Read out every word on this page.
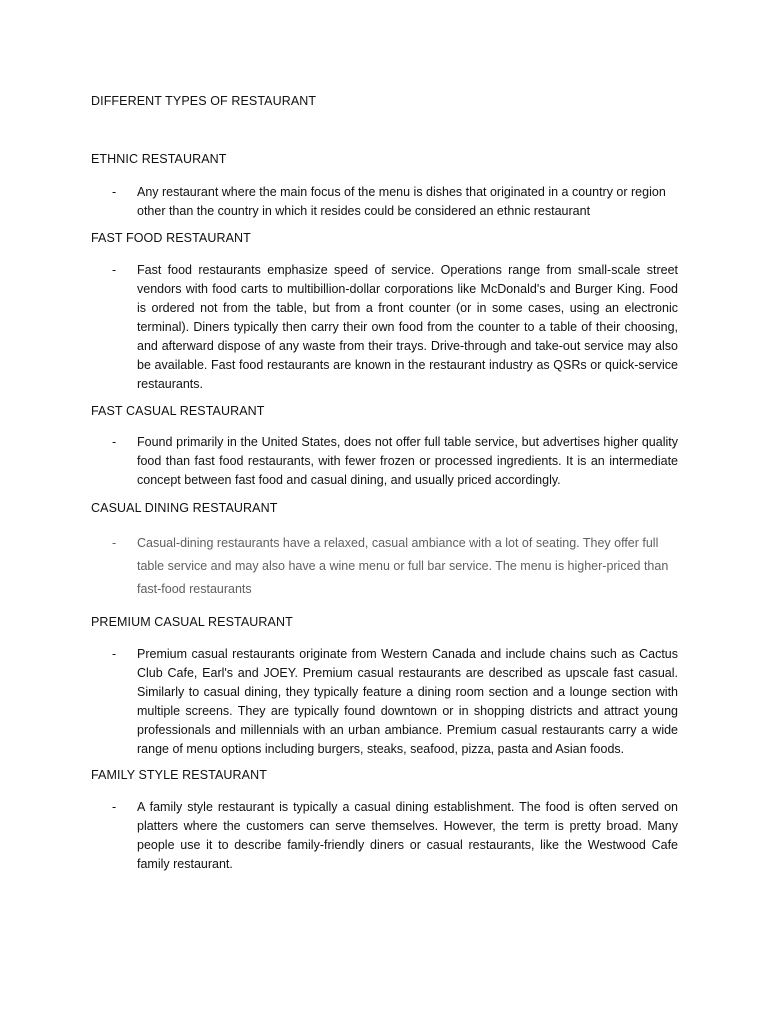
DIFFERENT TYPES OF RESTAURANT
ETHNIC RESTAURANT
-	Any restaurant where the main focus of the menu is dishes that originated in a country or region other than the country in which it resides could be considered an ethnic restaurant
FAST FOOD RESTAURANT
-	Fast food restaurants emphasize speed of service. Operations range from small-scale street vendors with food carts to multibillion-dollar corporations like McDonald's and Burger King. Food is ordered not from the table, but from a front counter (or in some cases, using an electronic terminal). Diners typically then carry their own food from the counter to a table of their choosing, and afterward dispose of any waste from their trays. Drive-through and take-out service may also be available. Fast food restaurants are known in the restaurant industry as QSRs or quick-service restaurants.
FAST CASUAL RESTAURANT
-	Found primarily in the United States, does not offer full table service, but advertises higher quality food than fast food restaurants, with fewer frozen or processed ingredients. It is an intermediate concept between fast food and casual dining, and usually priced accordingly.
CASUAL DINING RESTAURANT
-	Casual-dining restaurants have a relaxed, casual ambiance with a lot of seating. They offer full table service and may also have a wine menu or full bar service. The menu is higher-priced than fast-food restaurants
PREMIUM CASUAL RESTAURANT
-	Premium casual restaurants originate from Western Canada and include chains such as Cactus Club Cafe, Earl's and JOEY. Premium casual restaurants are described as upscale fast casual. Similarly to casual dining, they typically feature a dining room section and a lounge section with multiple screens. They are typically found downtown or in shopping districts and attract young professionals and millennials with an urban ambiance. Premium casual restaurants carry a wide range of menu options including burgers, steaks, seafood, pizza, pasta and Asian foods.
FAMILY STYLE RESTAURANT
-	A family style restaurant is typically a casual dining establishment. The food is often served on platters where the customers can serve themselves. However, the term is pretty broad. Many people use it to describe family-friendly diners or casual restaurants, like the Westwood Cafe family restaurant.
